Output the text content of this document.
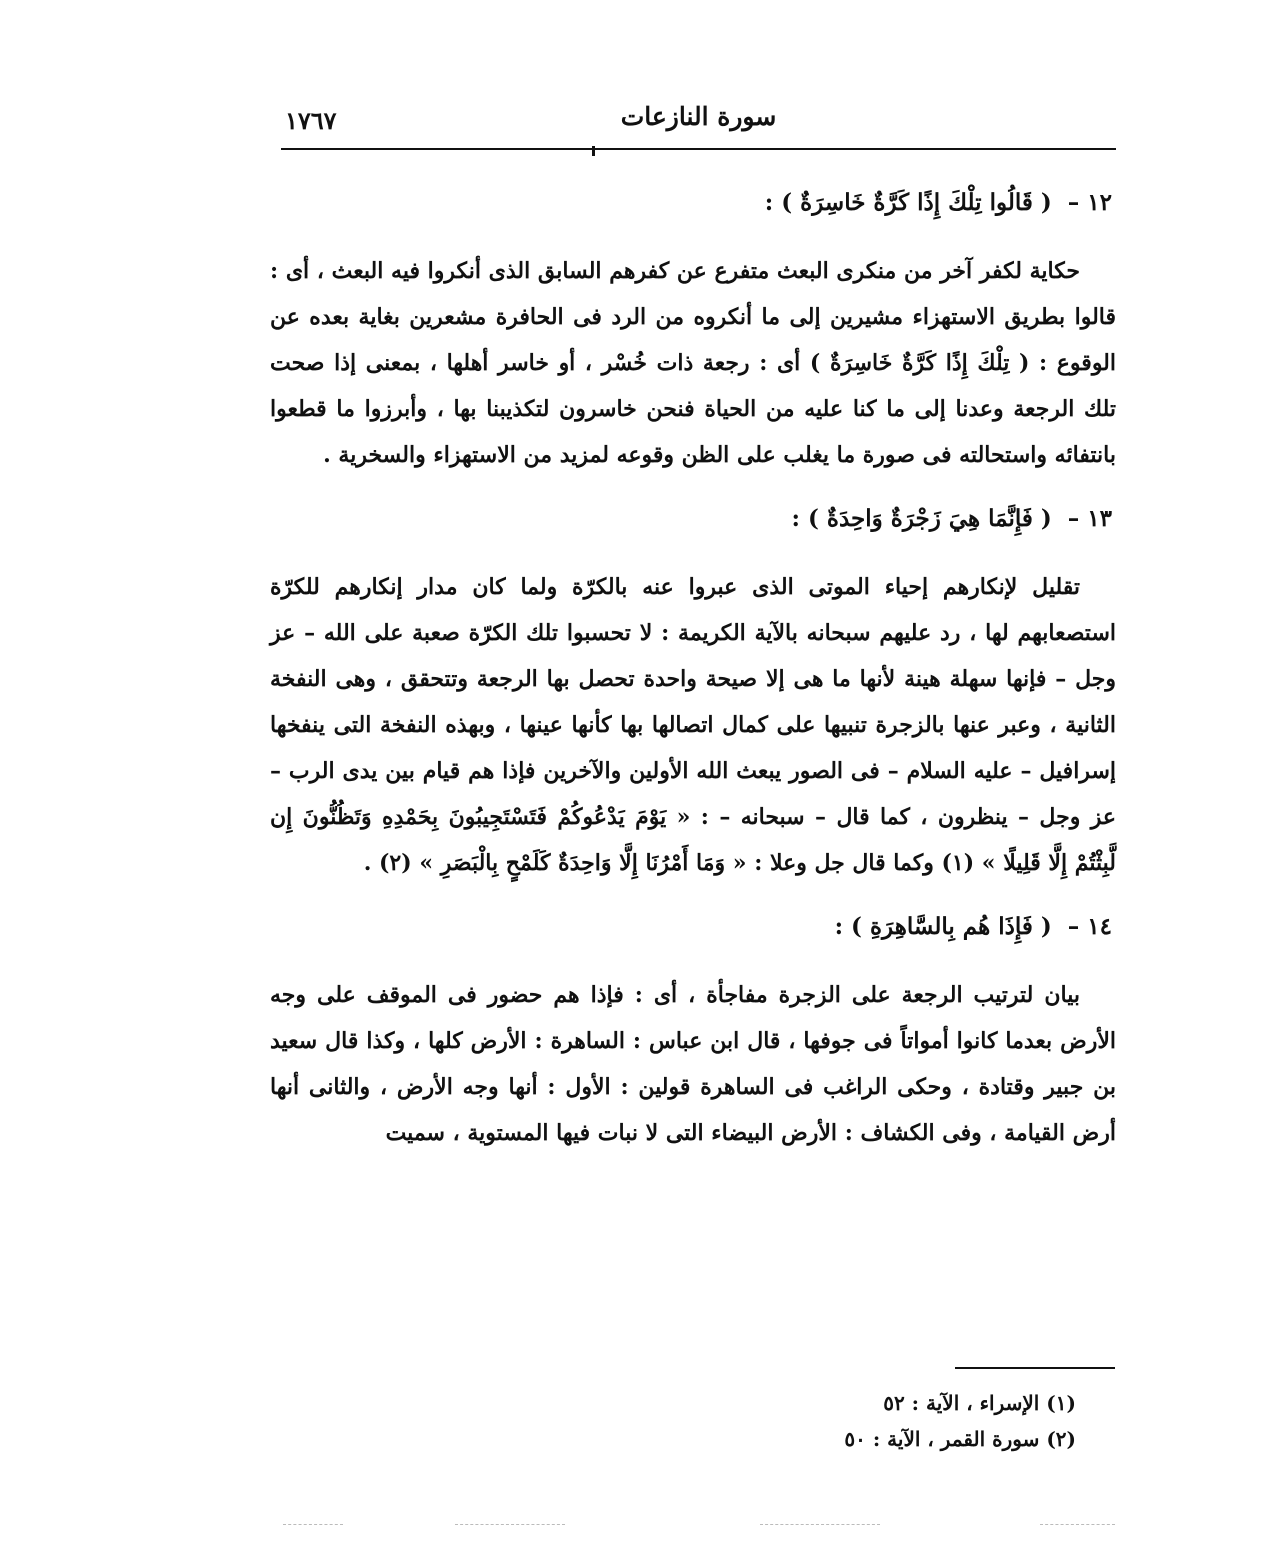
سورة النازعات
١٧٦٧
١٢ – ( قَالُوا تِلْكَ إِذًا كَرَّةٌ خَاسِرَةٌ ) :

حكاية لكفر آخر من منكرى البعث متفرع عن كفرهم السابق الذى أنكروا فيه البعث ، أى : قالوا بطريق الاستهزاء مشيرين إلى ما أنكروه من الرد فى الحافرة مشعرين بغاية بعده عن الوقوع : ( تِلْكَ إِذًا كَرَّةٌ خَاسِرَةٌ ) أى : رجعة ذات خُسْر ، أو خاسر أهلها ، بمعنى إذا صحت تلك الرجعة وعدنا إلى ما كنا عليه من الحياة فنحن خاسرون لتكذيبنا بها ، وأبرزوا ما قطعوا بانتفائه واستحالته فى صورة ما يغلب على الظن وقوعه لمزيد من الاستهزاء والسخرية .

١٣ – ( فَإِنَّمَا هِيَ زَجْرَةٌ وَاحِدَةٌ ) :

تقليل لإنكارهم إحياء الموتى الذى عبروا عنه بالكرّة ولما كان مدار إنكارهم للكرّة استصعابهم لها ، رد عليهم سبحانه بالآية الكريمة : لا تحسبوا تلك الكرّة صعبة على الله – عز وجل – فإنها سهلة هينة لأنها ما هى إلا صيحة واحدة تحصل بها الرجعة وتتحقق ، وهى النفخة الثانية ، وعبر عنها بالزجرة تنبيها على كمال اتصالها بها كأنها عينها ، وبهذه النفخة التى ينفخها إسرافيل – عليه السلام – فى الصور يبعث الله الأولين والآخرين فإذا هم قيام بين يدى الرب – عز وجل – ينظرون ، كما قال – سبحانه – : « يَوْمَ يَدْعُوكُمْ فَتَسْتَجِيبُونَ بِحَمْدِهِ وَتَظُنُّونَ إِن لَّبِثْتُمْ إِلَّا قَلِيلًا » (١) وكما قال جل وعلا : « وَمَا أَمْرُنَا إِلَّا وَاحِدَةٌ كَلَمْحٍ بِالْبَصَرِ » (٢) .

١٤ – ( فَإِذَا هُم بِالسَّاهِرَةِ ) :

بيان لترتيب الرجعة على الزجرة مفاجأة ، أى : فإذا هم حضور فى الموقف على وجه الأرض بعدما كانوا أمواتاً فى جوفها ، قال ابن عباس : الساهرة : الأرض كلها ، وكذا قال سعيد بن جبير وقتادة ، وحكى الراغب فى الساهرة قولين : الأول : أنها وجه الأرض ، والثانى أنها أرض القيامة ، وفى الكشاف : الأرض البيضاء التى لا نبات فيها المستوية ، سميت

(١) الإسراء ، الآية : ٥٢
(٢) سورة القمر ، الآية : ٥٠
